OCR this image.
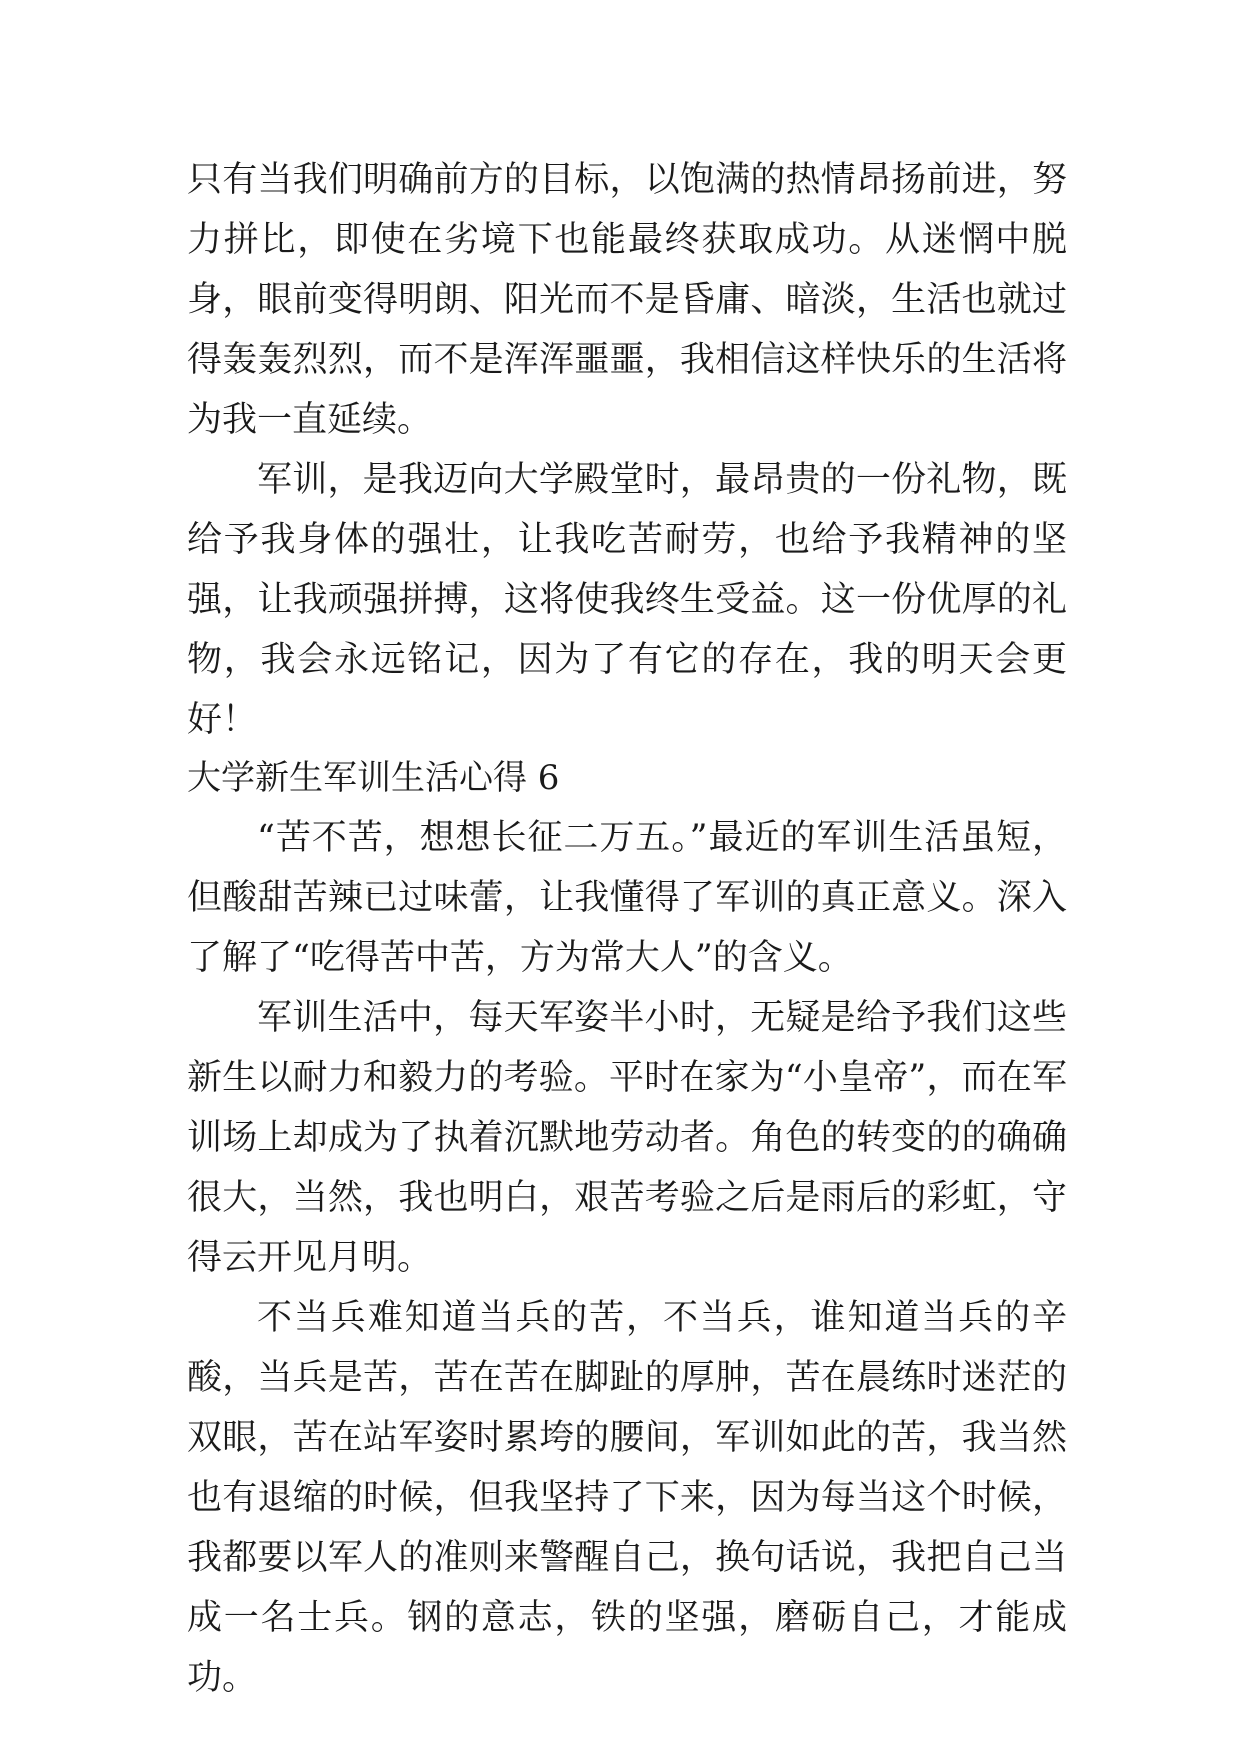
只有当我们明确前方的目标，以饱满的热情昂扬前进，努力拼比，即使在劣境下也能最终获取成功。从迷惘中脱身，眼前变得明朗、阳光而不是昏庸、暗淡，生活也就过得轰轰烈烈，而不是浑浑噩噩，我相信这样快乐的生活将为我一直延续。

军训，是我迈向大学殿堂时，最昂贵的一份礼物，既给予我身体的强壮，让我吃苦耐劳，也给予我精神的坚强，让我顽强拼搏，这将使我终生受益。这一份优厚的礼物，我会永远铭记，因为了有它的存在，我的明天会更好！

大学新生军训生活心得 6

“苦不苦，想想长征二万五。”最近的军训生活虽短，但酸甜苦辣已过味蕾，让我懂得了军训的真正意义。深入了解了“吃得苦中苦，方为常大人”的含义。

军训生活中，每天军姿半小时，无疑是给予我们这些新生以耐力和毅力的考验。平时在家为“小皇帝”，而在军训场上却成为了执着沉默地劳动者。角色的转变的的确确很大，当然，我也明白，艰苦考验之后是雨后的彩虹，守得云开见月明。

不当兵难知道当兵的苦，不当兵，谁知道当兵的辛酸，当兵是苦，苦在苦在脚趾的厚肿，苦在晨练时迷茫的双眼，苦在站军姿时累垮的腰间，军训如此的苦，我当然也有退缩的时候，但我坚持了下来，因为每当这个时候，我都要以军人的准则来警醒自己，换句话说，我把自己当成一名士兵。钢的意志，铁的坚强，磨砺自己，才能成功。
